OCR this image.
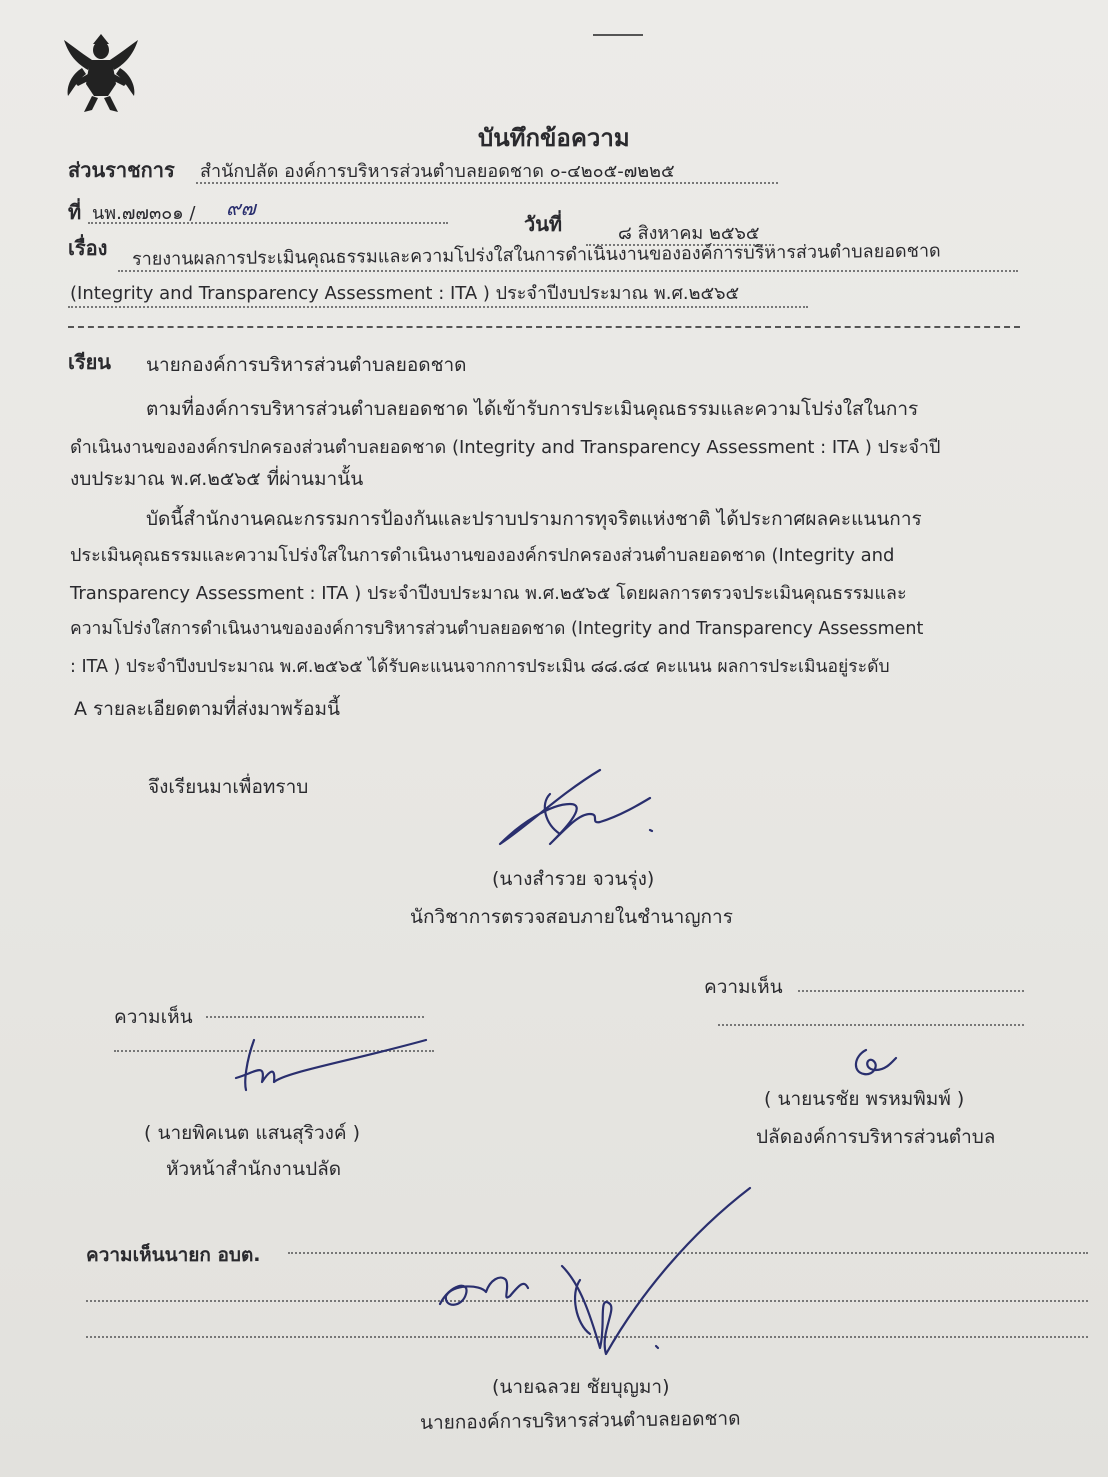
บันทึกข้อความ
ส่วนราชการ สำนักปลัด องค์การบริหารส่วนตำบลยอดชาด ๐-๔๒๐๕-๗๒๒๕
ที่ นพ.๗๗๓๐๑ / ๙๗
วันที่	๘ สิงหาคม ๒๕๖๕
เรื่อง รายงานผลการประเมินคุณธรรมและความโปร่งใสในการดำเนินงานขององค์การบริหารส่วนตำบลยอดชาด
(Integrity and Transparency Assessment : ITA ) ประจำปีงบประมาณ พ.ศ.๒๕๖๕
เรียน นายกองค์การบริหารส่วนตำบลยอดชาด
ตามที่องค์การบริหารส่วนตำบลยอดชาด ได้เข้ารับการประเมินคุณธรรมและความโปร่งใสในการ
ดำเนินงานขององค์กรปกครองส่วนตำบลยอดชาด (Integrity and Transparency Assessment : ITA ) ประจำปี
งบประมาณ พ.ศ.๒๕๖๕ ที่ผ่านมานั้น
บัดนี้สำนักงานคณะกรรมการป้องกันและปราบปรามการทุจริตแห่งชาติ ได้ประกาศผลคะแนนการ
ประเมินคุณธรรมและความโปร่งใสในการดำเนินงานขององค์กรปกครองส่วนตำบลยอดชาด (Integrity and
Transparency Assessment : ITA ) ประจำปีงบประมาณ พ.ศ.๒๕๖๕ โดยผลการตรวจประเมินคุณธรรมและ
ความโปร่งใสการดำเนินงานขององค์การบริหารส่วนตำบลยอดชาด (Integrity and Transparency Assessment
: ITA ) ประจำปีงบประมาณ พ.ศ.๒๕๖๕ ได้รับคะแนนจากการประเมิน ๘๘.๘๔ คะแนน ผลการประเมินอยู่ระดับ
A รายละเอียดตามที่ส่งมาพร้อมนี้
จึงเรียนมาเพื่อทราบ
(นางสำรวย จวนรุ่ง)
นักวิชาการตรวจสอบภายในชำนาญการ
ความเห็น
ความเห็น
( นายพิคเนต แสนสุริวงค์ )
หัวหน้าสำนักงานปลัด
( นายนรชัย พรหมพิมพ์ )
ปลัดองค์การบริหารส่วนตำบล
ความเห็นนายก อบต.
(นายฉลวย ชัยบุญมา)
นายกองค์การบริหารส่วนตำบลยอดชาด
